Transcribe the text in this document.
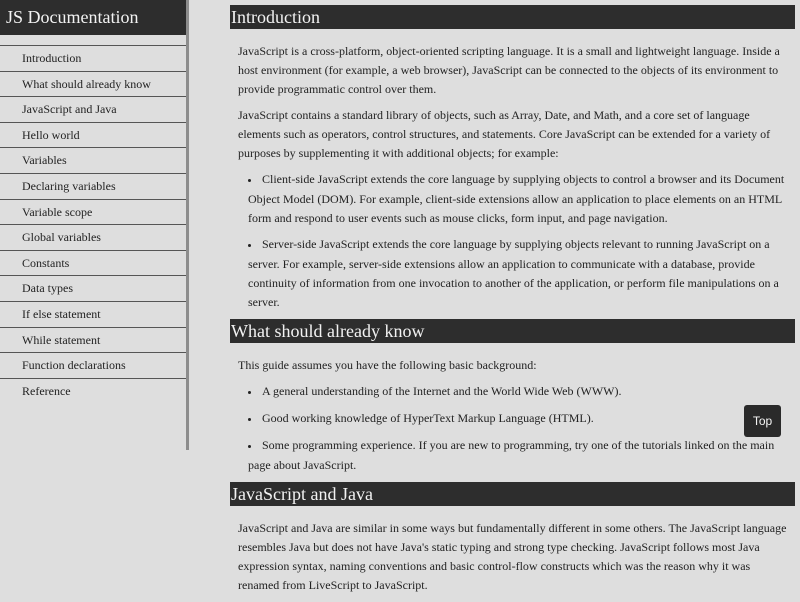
JS Documentation
Introduction
What should already know
JavaScript and Java
Hello world
Variables
Declaring variables
Variable scope
Global variables
Constants
Data types
If else statement
While statement
Function declarations
Reference
Introduction

JavaScript is a cross-platform, object-oriented scripting language. It is a small and lightweight language. Inside a host environment (for example, a web browser), JavaScript can be connected to the objects of its environment to provide programmatic control over them.

JavaScript contains a standard library of objects, such as Array, Date, and Math, and a core set of language elements such as operators, control structures, and statements. Core JavaScript can be extended for a variety of purposes by supplementing it with additional objects; for example:

• Client-side JavaScript extends the core language by supplying objects to control a browser and its Document Object Model (DOM). For example, client-side extensions allow an application to place elements on an HTML form and respond to user events such as mouse clicks, form input, and page navigation.
• Server-side JavaScript extends the core language by supplying objects relevant to running JavaScript on a server. For example, server-side extensions allow an application to communicate with a database, provide continuity of information from one invocation to another of the application, or perform file manipulations on a server.
What should already know

This guide assumes you have the following basic background:

• A general understanding of the Internet and the World Wide Web (WWW).
• Good working knowledge of HyperText Markup Language (HTML).
• Some programming experience. If you are new to programming, try one of the tutorials linked on the main page about JavaScript.
JavaScript and Java

JavaScript and Java are similar in some ways but fundamentally different in some others. The JavaScript language resembles Java but does not have Java's static typing and strong type checking. JavaScript follows most Java expression syntax, naming conventions and basic control-flow constructs which was the reason why it was renamed from LiveScript to JavaScript.

Top
